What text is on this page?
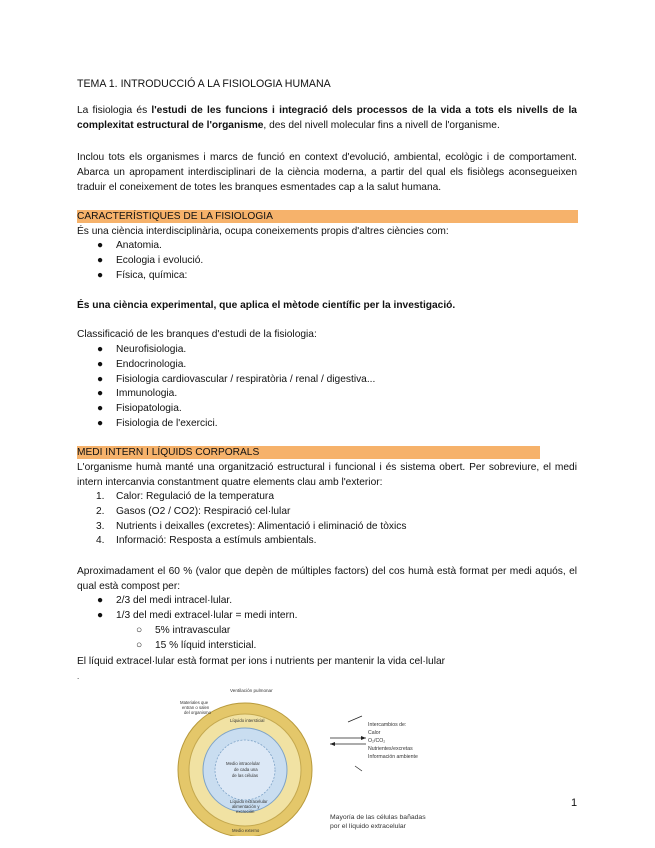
TEMA 1. INTRODUCCIÓ A LA FISIOLOGIA HUMANA
La fisiologia és l'estudi de les funcions i integració dels processos de la vida a tots els nivells de la complexitat estructural de l'organisme, des del nivell molecular fins a nivell de l'organisme.
Inclou tots els organismes i marcs de funció en context d'evolució, ambiental, ecològic i de comportament. Abarca un apropament interdisciplinari de la ciència moderna, a partir del qual els fisiòlegs aconsegueixen traduir el coneixement de totes les branques esmentades cap a la salut humana.
CARACTERÍSTIQUES DE LA FISIOLOGIA
És una ciència interdisciplinària, ocupa coneixements propis d'altres ciències com:
● Anatomia.
● Ecologia i evolució.
● Física, química:
És una ciència experimental, que aplica el mètode científic per la investigació.
Classificació de les branques d'estudi de la fisiologia:
● Neurofisiologia.
● Endocrinologia.
● Fisiologia cardiovascular / respiratòria / renal / digestiva...
● Immunologia.
● Fisiopatologia.
● Fisiologia de l'exercici.
MEDI INTERN I LÍQUIDS CORPORALS
L'organisme humà manté una organització estructural i funcional i és sistema obert. Per sobreviure, el medi intern intercanvia constantment quatre elements clau amb l'exterior:
1. Calor: Regulació de la temperatura
2. Gasos (O2 / CO2): Respiració cel·lular
3. Nutrients i deixalles (excretes): Alimentació i eliminació de tòxics
4. Informació: Resposta a estímuls ambientals.
Aproximadament el 60 % (valor que depèn de múltiples factors) del cos humà està format per medi aquós, el qual està compost per:
● 2/3 del medi intracel·lular.
● 1/3 del medi extracel·lular = medi intern.
○ 5% intravascular
○ 15 % líquid intersticial.
El líquid extracel·lular està format per ions i nutrients per mantenir la vida cel·lular
.
Ventilación pulmonar
Materiales que
entran o salen
del organismo
Líquido intersticial
Medio intracelular
de cada una
de las células
Líquido extracelular
alimentación y
excreción
Medio externo
Intercambios de:
Calor
O₂/CO₂
Nutrientes/excretas
Información ambiente
Mayoría de las células bañadas
por el líquido extracelular
1
